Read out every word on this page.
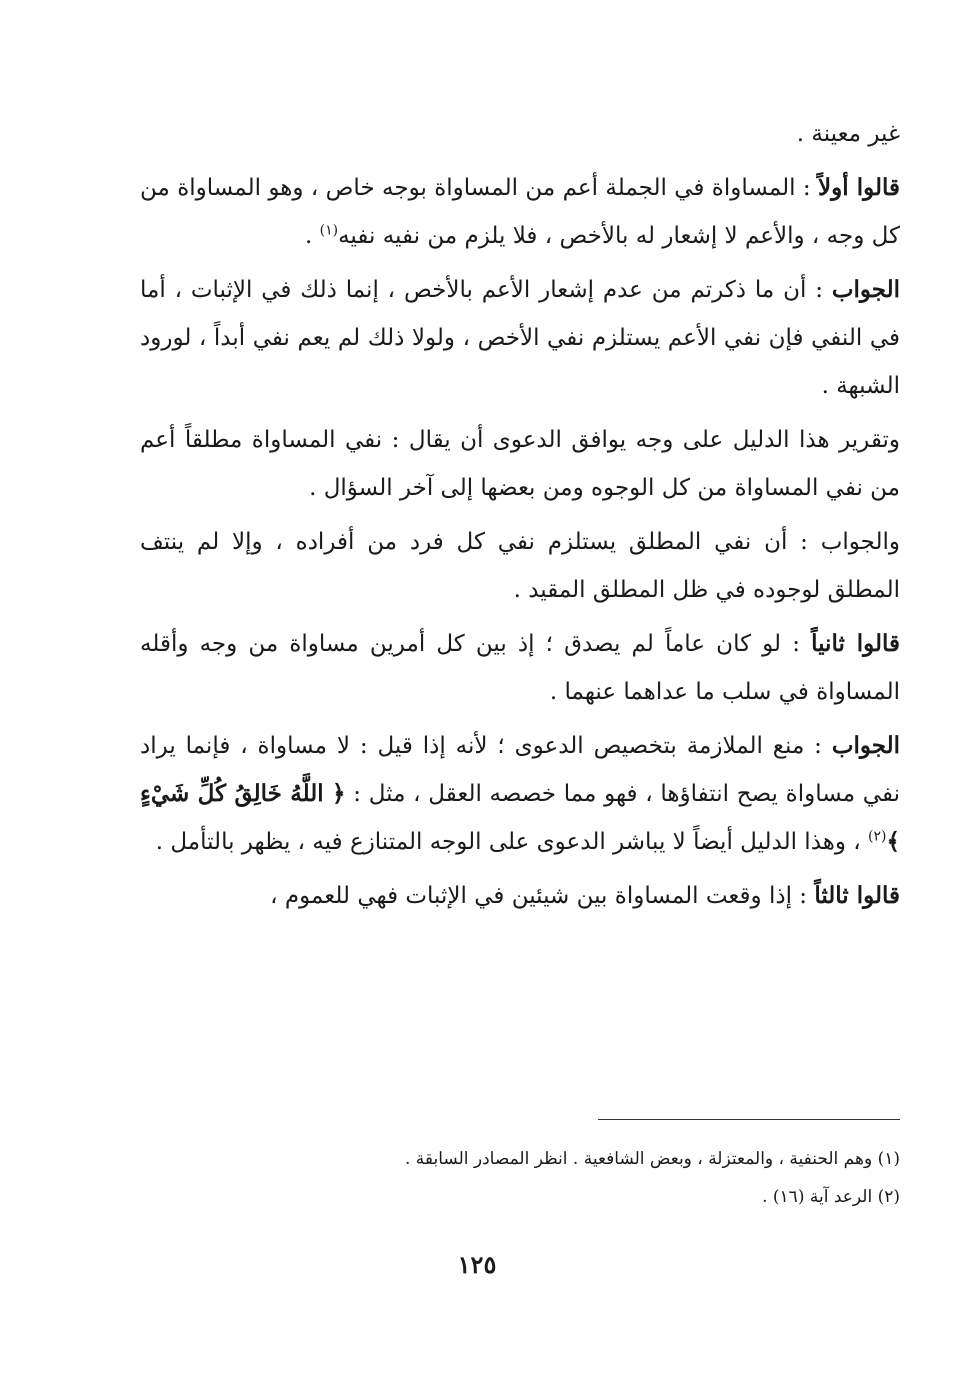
غير معينة .

قالوا أولاً : المساواة في الجملة أعم من المساواة بوجه خاص ، وهو المساواة من كل وجه ، والأعم لا إشعار له بالأخص ، فلا يلزم من نفيه نفيه$^{(١)}$ .

الجواب : أن ما ذكرتم من عدم إشعار الأعم بالأخص ، إنما ذلك في الإثبات ، أما في النفي فإن نفي الأعم يستلزم نفي الأخص ، ولولا ذلك لم يعم نفي أبداً ، لورود الشبهة .

وتقرير هذا الدليل على وجه يوافق الدعوى أن يقال : نفي المساواة مطلقاً أعم من نفي المساواة من كل الوجوه ومن بعضها إلى آخر السؤال .

والجواب : أن نفي المطلق يستلزم نفي كل فرد من أفراده ، وإلا لم ينتف المطلق لوجوده في ظل المطلق المقيد .

قالوا ثانياً : لو كان عاماً لم يصدق ؛ إذ بين كل أمرين مساواة من وجه وأقله المساواة في سلب ما عداهما عنهما .

الجواب : منع الملازمة بتخصيص الدعوى ؛ لأنه إذا قيل : لا مساواة ، فإنما يراد نفي مساواة يصح انتفاؤها ، فهو مما خصصه العقل ، مثل : ﴿ اللَّهُ خَالِقُ كُلِّ شَيْءٍ ﴾$^{(٢)}$ ، وهذا الدليل أيضاً لا يباشر الدعوى على الوجه المتنازع فيه ، يظهر بالتأمل .

قالوا ثالثاً : إذا وقعت المساواة بين شيئين في الإثبات فهي للعموم ،

(١) وهم الحنفية ، والمعتزلة ، وبعض الشافعية . انظر المصادر السابقة .
(٢) الرعد آية (١٦) .
١٢٥
